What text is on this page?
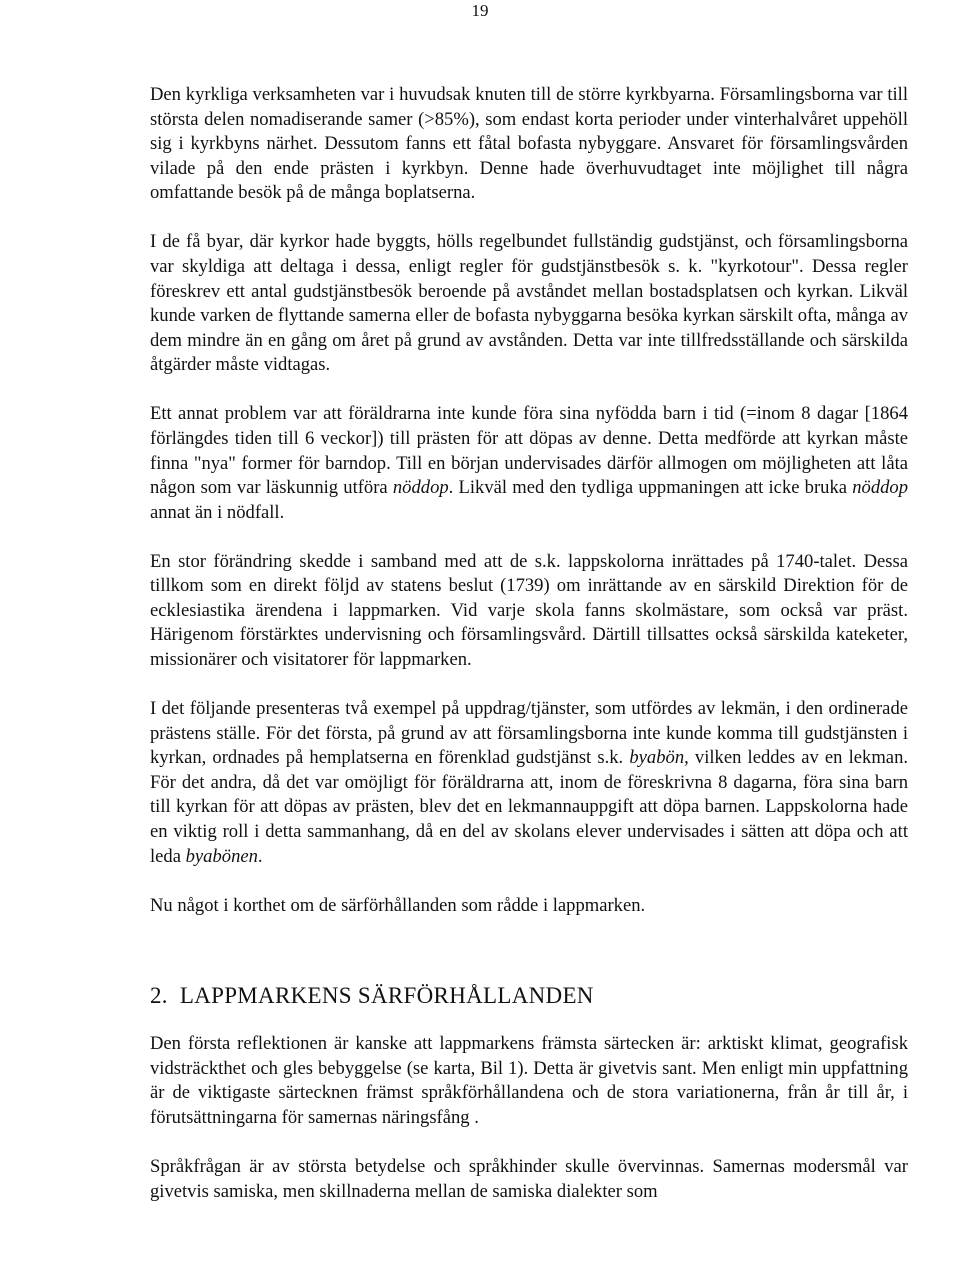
19

Den kyrkliga verksamheten var i huvudsak knuten till de större kyrkbyarna. Församlingsborna var till största delen nomadiserande samer (>85%), som endast korta perioder under vinterhalvåret uppehöll sig i kyrkbyns närhet. Dessutom fanns ett fåtal bofasta nybyggare. Ansvaret för församlingsvården vilade på den ende prästen i kyrkbyn. Denne hade överhuvudtaget inte möjlighet till några omfattande besök på de många boplatserna.

I de få byar, där kyrkor hade byggts, hölls regelbundet fullständig gudstjänst, och församlingsborna var skyldiga att deltaga i dessa, enligt regler för gudstjänstbesök s. k. "kyrkotour". Dessa regler föreskrev ett antal gudstjänstbesök beroende på avståndet mellan bostadsplatsen och kyrkan. Likväl kunde varken de flyttande samerna eller de bofasta nybyggarna besöka kyrkan särskilt ofta, många av dem mindre än en gång om året på grund av avstånden. Detta var inte tillfredsställande och särskilda åtgärder måste vidtagas.

Ett annat problem var att föräldrarna inte kunde föra sina nyfödda barn i tid (=inom 8 dagar [1864 förlängdes tiden till 6 veckor]) till prästen för att döpas av denne. Detta medförde att kyrkan måste finna "nya" former för barndop. Till en början undervisades därför allmogen om möjligheten att låta någon som var läskunnig utföra nöddop. Likväl med den tydliga uppmaningen att icke bruka nöddop annat än i nödfall.

En stor förändring skedde i samband med att de s.k. lappskolorna inrättades på 1740-talet. Dessa tillkom som en direkt följd av statens beslut (1739) om inrättande av en särskild Direktion för de ecklesiastika ärendena i lappmarken. Vid varje skola fanns skolmästare, som också var präst. Härigenom förstärktes undervisning och församlingsvård. Därtill tillsattes också särskilda kateketer, missionärer och visitatorer för lappmarken.

I det följande presenteras två exempel på uppdrag/tjänster, som utfördes av lekmän, i den ordinerade prästens ställe. För det första, på grund av att församlingsborna inte kunde komma till gudstjänsten i kyrkan, ordnades på hemplatserna en förenklad gudstjänst s.k. byabön, vilken leddes av en lekman. För det andra, då det var omöjligt för föräldrarna att, inom de föreskrivna 8 dagarna, föra sina barn till kyrkan för att döpas av prästen, blev det en lekmannauppgift att döpa barnen. Lappskolorna hade en viktig roll i detta sammanhang, då en del av skolans elever undervisades i sätten att döpa och att leda byabönen.

Nu något i korthet om de särförhållanden som rådde i lappmarken.

2. LAPPMARKENS SÄRFÖRHÅLLANDEN

Den första reflektionen är kanske att lappmarkens främsta särtecken är: arktiskt klimat, geografisk vidsträckthet och gles bebyggelse (se karta, Bil 1). Detta är givetvis sant. Men enligt min uppfattning är de viktigaste särtecknen främst språkförhållandena och de stora variationerna, från år till år, i förutsättningarna för samernas näringsfång .

Språkfrågan är av största betydelse och språkhinder skulle övervinnas. Samernas modersmål var givetvis samiska, men skillnaderna mellan de samiska dialekter som
